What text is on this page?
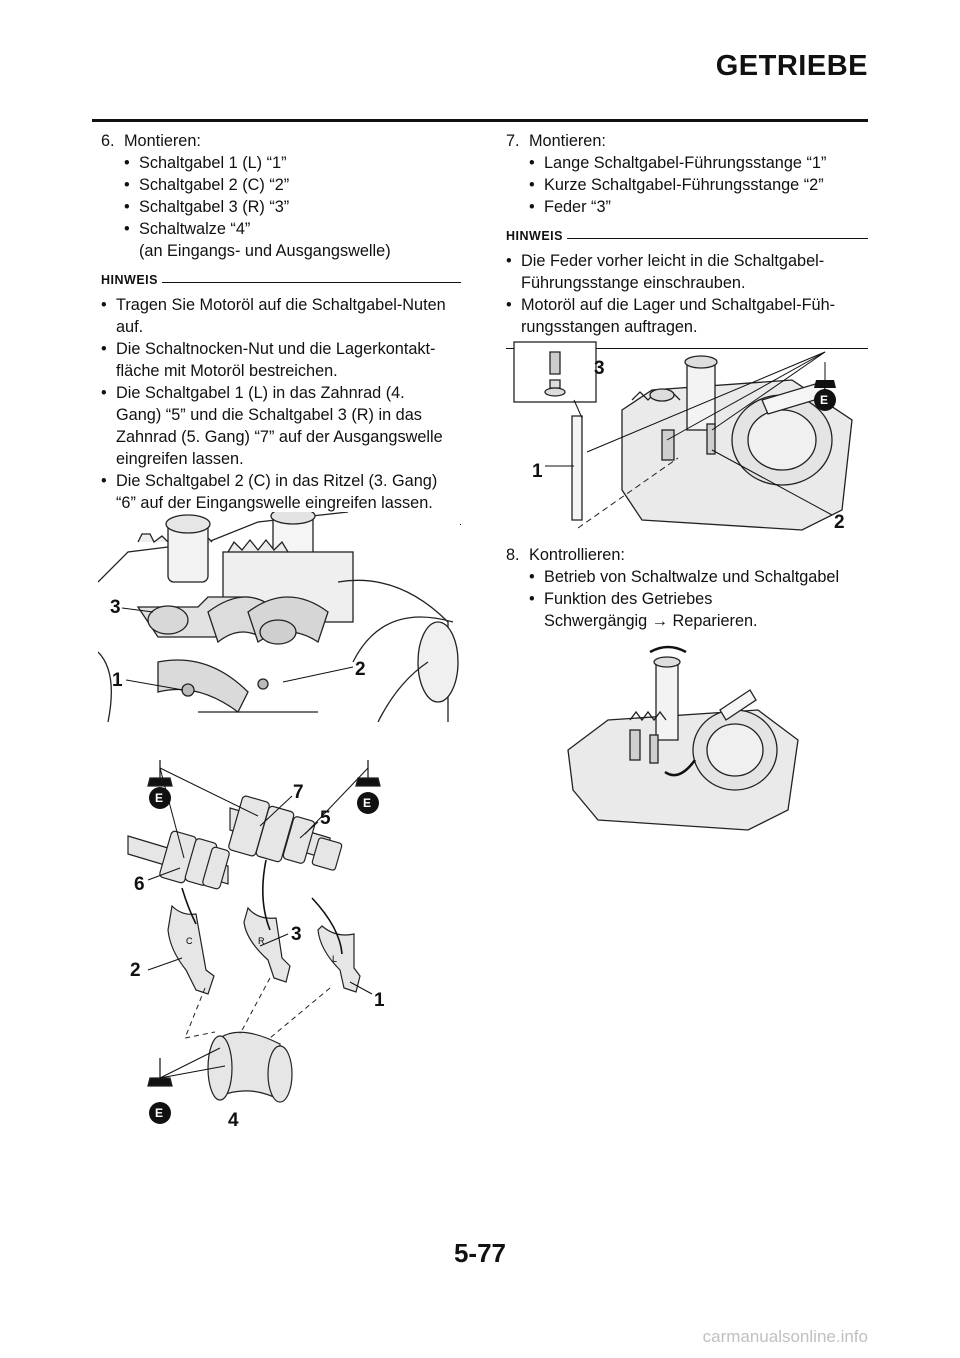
GETRIEBE
6. Montieren:
• Schaltgabel 1 (L) “1”
• Schaltgabel 2 (C) “2”
• Schaltgabel 3 (R) “3”
• Schaltwalze “4”
(an Eingangs- und Ausgangswelle)
HINWEIS
• Tragen Sie Motoröl auf die Schaltgabel-Nuten
auf.
• Die Schaltnocken-Nut und die Lagerkontakt-
fläche mit Motoröl bestreichen.
• Die Schaltgabel 1 (L) in das Zahnrad (4.
Gang) “5” und die Schaltgabel 3 (R) in das
Zahnrad (5. Gang) “7” auf der Ausgangswelle
eingreifen lassen.
• Die Schaltgabel 2 (C) in das Ritzel (3. Gang)
“6” auf der Eingangswelle eingreifen lassen.
7. Montieren:
• Lange Schaltgabel-Führungsstange “1”
• Kurze Schaltgabel-Führungsstange “2”
• Feder “3”
HINWEIS
• Die Feder vorher leicht in die Schaltgabel-
Führungsstange einschrauben.
• Motoröl auf die Lager und Schaltgabel-Füh-
rungsstangen auftragen.
8. Kontrollieren:
• Betrieb von Schaltwalze und Schaltgabel
• Funktion des Getriebes
Schwergängig → Reparieren.
3
1
2
E	E
E
7
5
6
3
2
1
4
C	R
L
E
3
1
2
5-77
carmanualsonline.info
